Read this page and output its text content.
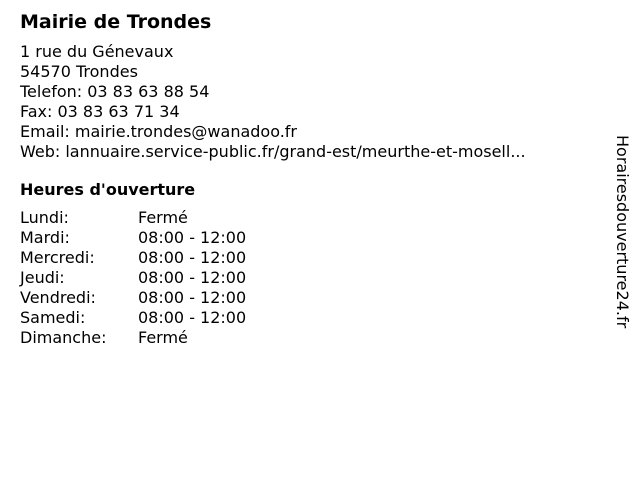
Mairie de Trondes
1 rue du Génevaux
54570 Trondes
Telefon: 03 83 63 88 54
Fax: 03 83 63 71 34
Email: mairie.trondes@wanadoo.fr
Web: lannuaire.service-public.fr/grand-est/meurthe-et-mosell...
Heures d'ouverture
Lundi:	Fermé
Mardi:	08:00 - 12:00
Mercredi:	08:00 - 12:00
Jeudi:	08:00 - 12:00
Vendredi:	08:00 - 12:00
Samedi:	08:00 - 12:00
Dimanche:	Fermé
Horairesdouverture24.fr
